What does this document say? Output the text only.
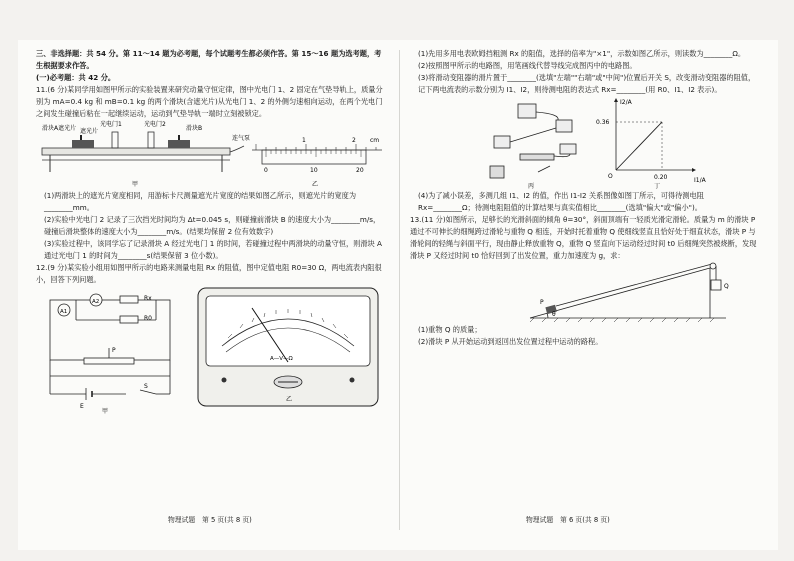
三、非选择题：共 54 分。第 11～14 题为必考题，每个试题考生都必须作答。第 15～16 题为选考题，考生根据要求作答。

(一)必考题：共 42 分。

11.(6 分)某同学用如图甲所示的实验装置来研究动量守恒定律，图中光电门 1、2 固定在气垫导轨上，质量分别为 mA=0.4 kg 和 mB=0.1 kg 的两个滑块(含遮光片)从光电门 1、2 的外侧匀速相向运动，在两个光电门之间发生碰撞后粘在一起继续运动，运动到气垫导轨一端时立刻被锁定。

滑块A遮光片
光电门1	光电门2
遮光片	滑块B
连气泵
甲
1	2 cm
0	10	20
乙

(1)两滑块上的遮光片宽度相同，用游标卡尺测量遮光片宽度的结果如图乙所示，则遮光片的宽度为________mm。

(2)实验中光电门 2 记录了三次挡光时间均为 Δt=0.045 s，则碰撞前滑块 B 的速度大小为________m/s，碰撞后滑块整体的速度大小为________m/s。(结果均保留 2 位有效数字)

(3)实验过程中，该同学忘了记录滑块 A 经过光电门 1 的时间，若碰撞过程中两滑块的动量守恒，则滑块 A 通过光电门 1 的时间为________s(结果保留 3 位小数)。

12.(9 分)某实验小组用如图甲所示的电路来测量电阻 Rx 的阻值，图中定值电阻 R0=30 Ω，两电流表内阻很小，回答下列问题。

A1
A2	Rx
R0
P
E
S
甲
A—V—Ω
乙
物理试题　第 5 页(共 8 页)

(1)先用多用电表欧姆挡粗测 Rx 的阻值，选择的倍率为"×1"，示数如图乙所示，则读数为________Ω。

(2)按照图甲所示的电路图，用笔画线代替导线完成图丙中的电路图。

(3)将滑动变阻器的滑片置于________(选填"左端""右端"或"中间")位置后开关 S，改变滑动变阻器的阻值，记下两电流表的示数分别为 I1、I2，则待测电阻的表达式 Rx=________(用 R0、I1、I2 表示)。

丙
I2/A
I1/A
0.36
0.20
O
丁

(4)为了减小误差，多测几组 I1、I2 的值，作出 I1-I2 关系图像如图丁所示，可得待测电阻 Rx=________Ω；待测电阻阻值的计算结果与真实值相比________(选填"偏大"或"偏小")。

13.(11 分)如图所示，足够长的光滑斜面的倾角 θ=30°，斜面顶端有一轻质光滑定滑轮。质量为 m 的滑块 P 通过不可伸长的细绳跨过滑轮与重物 Q 相连，开始时托着重物 Q 使细线竖直且恰好处于细直状态，滑块 P 与滑轮间的轻绳与斜面平行，现由静止释放重物 Q，重物 Q 竖直向下运动经过时间 t0 后细绳突然被烧断，发现滑块 P 又经过时间 t0 恰好回到了出发位置，重力加速度为 g，求：

P
Q
θ

(1)重物 Q 的质量；

(2)滑块 P 从开始运动到返回出发位置过程中运动的路程。

物理试题　第 6 页(共 8 页)
